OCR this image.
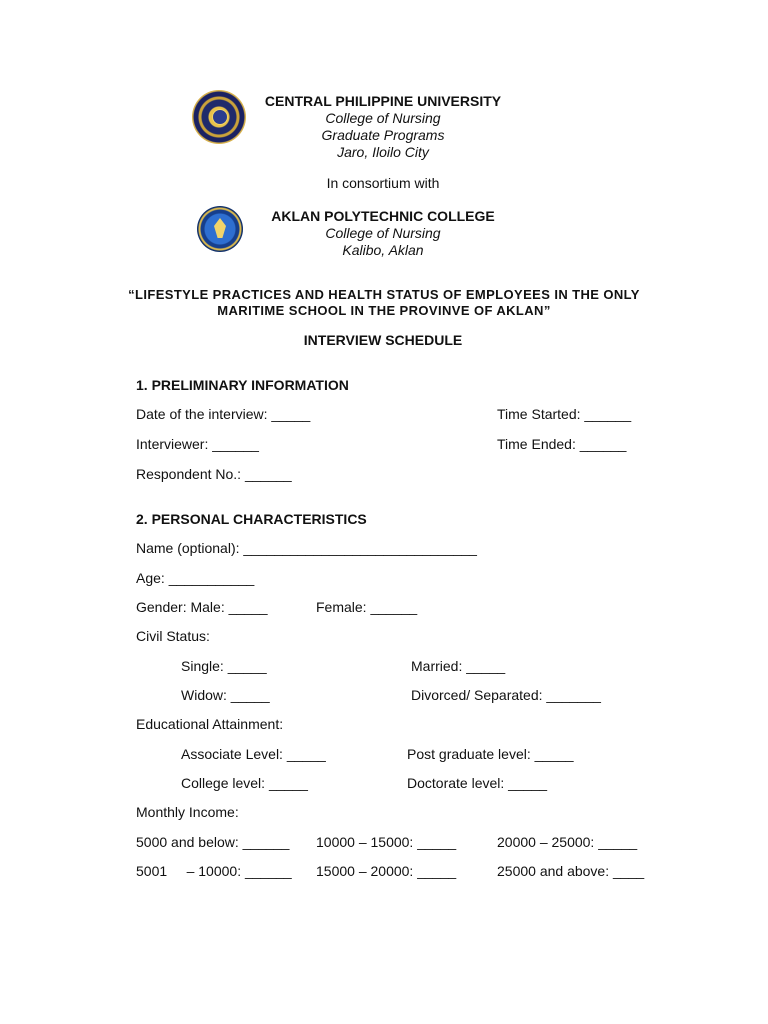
CENTRAL PHILIPPINE UNIVERSITY
College of Nursing
Graduate Programs
Jaro, Iloilo City
In consortium with
AKLAN POLYTECHNIC COLLEGE
College of Nursing
Kalibo, Aklan
“LIFESTYLE PRACTICES AND HEALTH STATUS OF EMPLOYEES IN THE ONLY
MARITIME SCHOOL IN THE PROVINVE OF AKLAN”
INTERVIEW SCHEDULE
1. PRELIMINARY INFORMATION
Date of the interview: _____	Time Started: ______
Interviewer: ______	Time Ended: ______
Respondent No.: ______
2. PERSONAL CHARACTERISTICS
Name (optional): ______________________________
Age: ___________
Gender: Male: _____	Female: ______
Civil Status:
Single: _____	Married: _____
Widow: _____	Divorced/ Separated: _______
Educational Attainment:
Associate Level: _____	Post graduate level: _____
College level: _____	Doctorate level: _____
Monthly Income:
5000 and below: ______ 10000 – 15000: _____	20000 – 25000: _____
5001     – 10000: ______ 15000 – 20000: _____	25000 and above: ____
